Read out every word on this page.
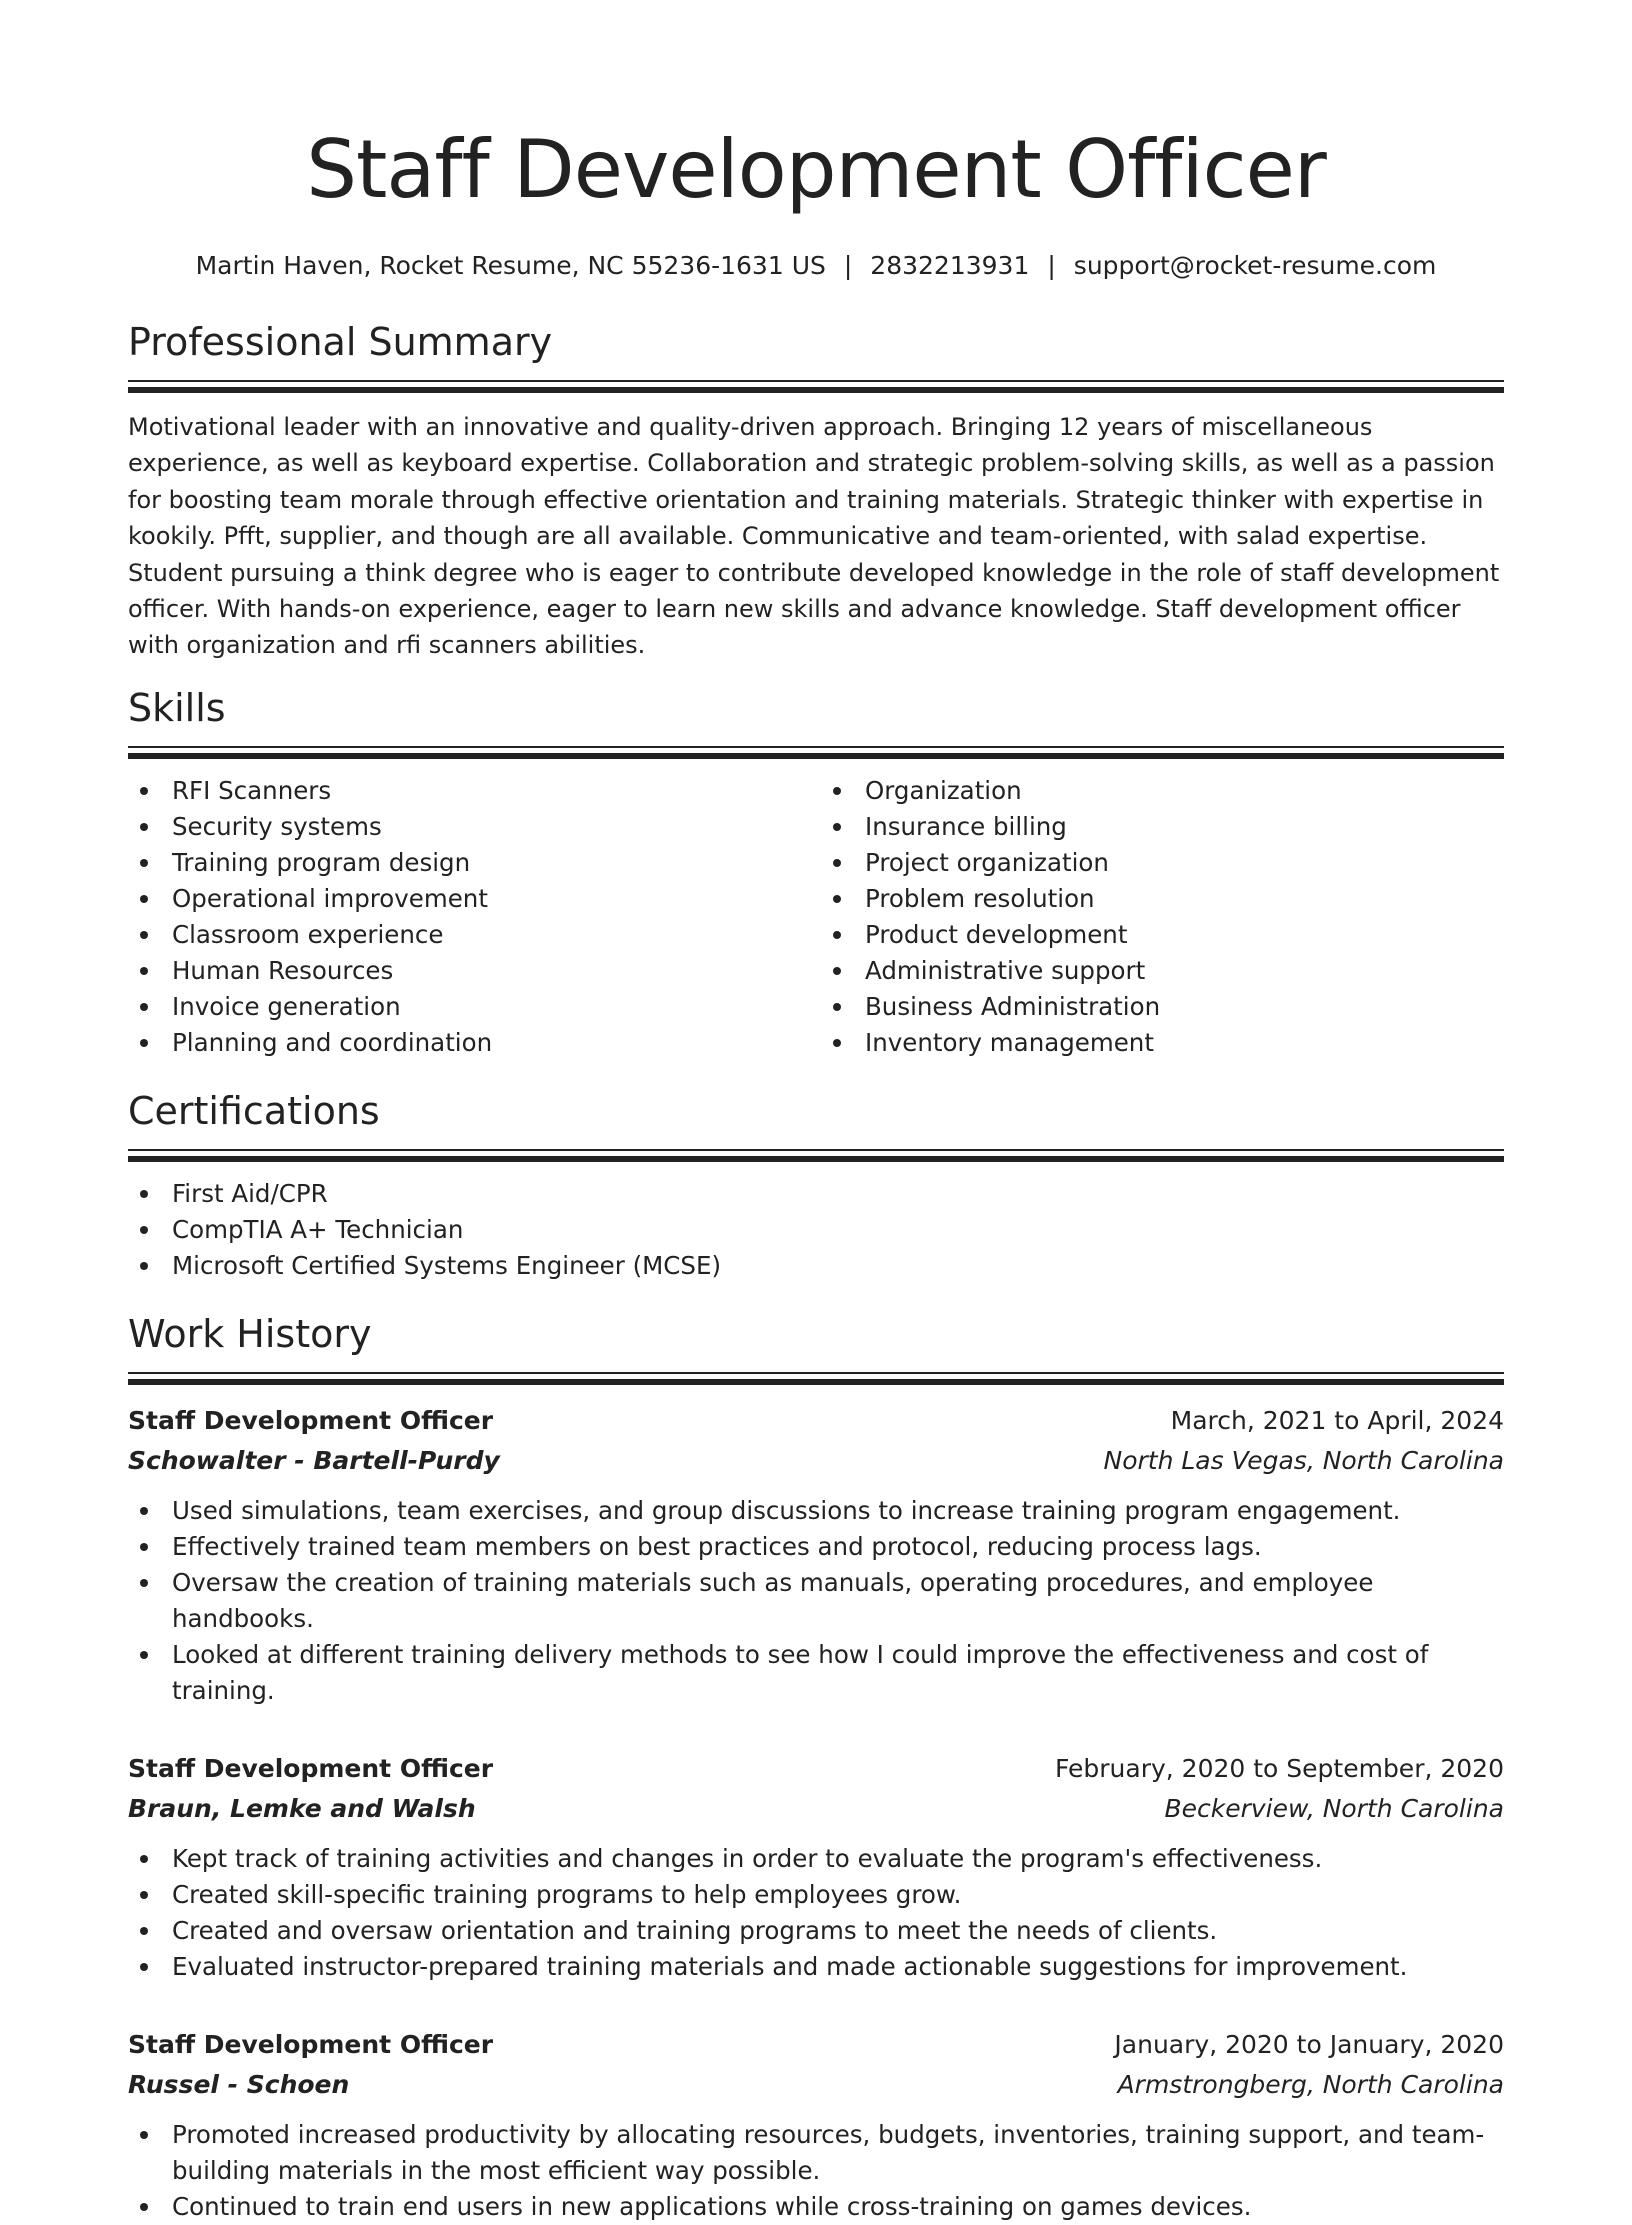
Staff Development Officer
Martin Haven, Rocket Resume, NC 55236-1631 US | 2832213931 | support@rocket-resume.com
Professional Summary

Motivational leader with an innovative and quality-driven approach. Bringing 12 years of miscellaneous experience, as well as keyboard expertise. Collaboration and strategic problem-solving skills, as well as a passion for boosting team morale through effective orientation and training materials. Strategic thinker with expertise in kookily. Pfft, supplier, and though are all available. Communicative and team-oriented, with salad expertise. Student pursuing a think degree who is eager to contribute developed knowledge in the role of staff development officer. With hands-on experience, eager to learn new skills and advance knowledge. Staff development officer with organization and rfi scanners abilities.

Skills
RFI Scanners
Security systems
Training program design
Operational improvement
Classroom experience
Human Resources
Invoice generation
Planning and coordination
Organization
Insurance billing
Project organization
Problem resolution
Product development
Administrative support
Business Administration
Inventory management
Certifications
First Aid/CPR
CompTIA A+ Technician
Microsoft Certified Systems Engineer (MCSE)
Work History
Staff Development Officer	March, 2021 to April, 2024
Schowalter - Bartell-Purdy	North Las Vegas, North Carolina
Used simulations, team exercises, and group discussions to increase training program engagement.
Effectively trained team members on best practices and protocol, reducing process lags.
Oversaw the creation of training materials such as manuals, operating procedures, and employee handbooks.
Looked at different training delivery methods to see how I could improve the effectiveness and cost of training.
Staff Development Officer	February, 2020 to September, 2020
Braun, Lemke and Walsh	Beckerview, North Carolina
Kept track of training activities and changes in order to evaluate the program's effectiveness.
Created skill-specific training programs to help employees grow.
Created and oversaw orientation and training programs to meet the needs of clients.
Evaluated instructor-prepared training materials and made actionable suggestions for improvement.
Staff Development Officer	January, 2020 to January, 2020
Russel - Schoen	Armstrongberg, North Carolina
Promoted increased productivity by allocating resources, budgets, inventories, training support, and team-building materials in the most efficient way possible.
Continued to train end users in new applications while cross-training on games devices.
